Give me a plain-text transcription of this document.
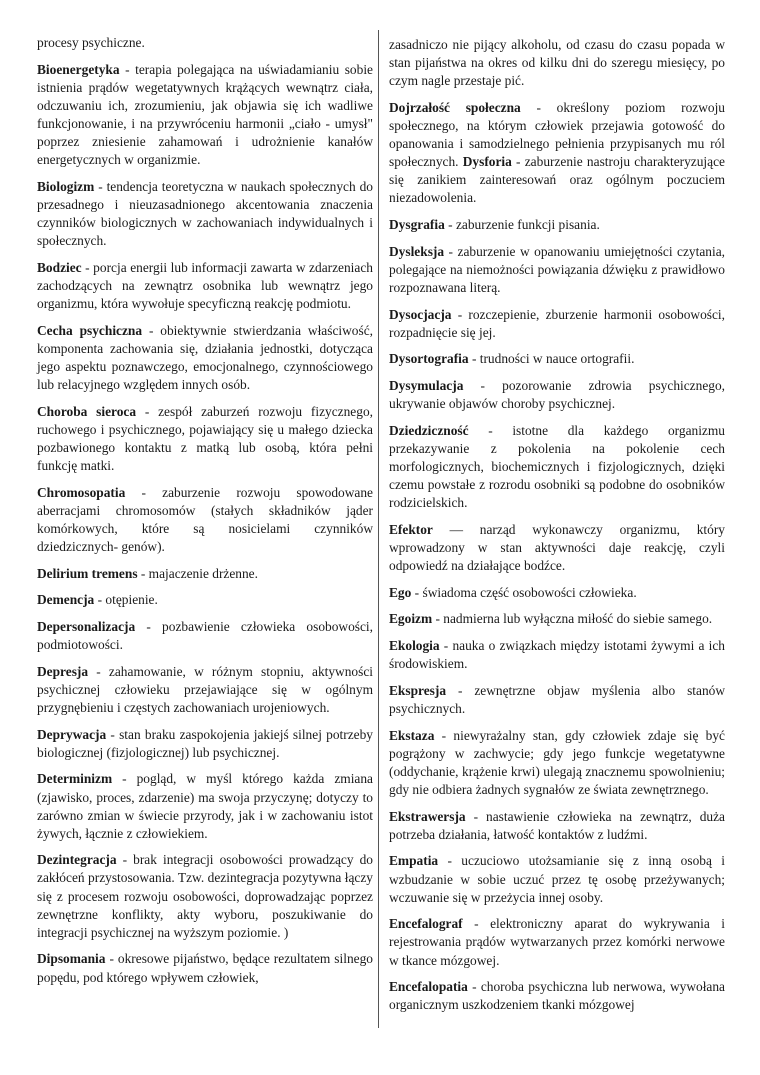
procesy psychiczne.

Bioenergetyka - terapia polegająca na uświadamianiu sobie istnienia prądów wegetatywnych krążących wewnątrz ciała, odczuwaniu ich, zrozumieniu, jak objawia się ich wadliwe funkcjonowanie, i na przywróceniu harmonii „ciało - umysł" poprzez zniesienie zahamowań i udrożnienie kanałów energetycznych w organizmie.

Biologizm - tendencja teoretyczna w naukach społecznych do przesadnego i nieuzasadnionego akcentowania znaczenia czynników biologicznych w zachowaniach indywidualnych i społecznych.

Bodziec - porcja energii lub informacji zawarta w zdarzeniach zachodzących na zewnątrz osobnika lub wewnątrz jego organizmu, która wywołuje specyficzną reakcję podmiotu.

Cecha psychiczna - obiektywnie stwierdzania właściwość, komponenta zachowania się, działania jednostki, dotycząca jego aspektu poznawczego, emocjonalnego, czynnościowego lub relacyjnego względem innych osób.

Choroba sieroca - zespół zaburzeń rozwoju fizycznego, ruchowego i psychicznego, pojawiający się u małego dziecka pozbawionego kontaktu z matką lub osobą, która pełni funkcję matki.

Chromosopatia - zaburzenie rozwoju spowodowane aberracjami chromosomów (stałych składników jąder komórkowych, które są nosicielami czynników dziedzicznych- genów).

Delirium tremens - majaczenie drżenne.

Demencja - otępienie.

Depersonalizacja - pozbawienie człowieka osobowości, podmiotowości.

Depresja - zahamowanie, w różnym stopniu, aktywności psychicznej człowieku przejawiające się w ogólnym przygnębieniu i częstych zachowaniach urojeniowych.

Deprywacja - stan braku zaspokojenia jakiejś silnej potrzeby biologicznej (fizjologicznej) lub psychicznej.

Determinizm - pogląd, w myśl którego każda zmiana (zjawisko, proces, zdarzenie) ma swoja przyczynę; dotyczy to zarówno zmian w świecie przyrody, jak i w zachowaniu istot żywych, łącznie z człowiekiem.

Dezintegracja - brak integracji osobowości prowadzący do zakłóceń przystosowania. Tzw. dezintegracja pozytywna łączy się z procesem rozwoju osobowości, doprowadzając poprzez zewnętrzne konflikty, akty wyboru, poszukiwanie do integracji psychicznej na wyższym poziomie. )

Dipsomania - okresowe pijaństwo, będące rezultatem silnego popędu, pod którego wpływem człowiek,

zasadniczo nie pijący alkoholu, od czasu do czasu popada w stan pijaństwa na okres od kilku dni do szeregu miesięcy, po czym nagle przestaje pić.

Dojrzałość społeczna - określony poziom rozwoju społecznego, na którym człowiek przejawia gotowość do opanowania i samodzielnego pełnienia przypisanych mu ról społecznych. Dysforia - zaburzenie nastroju charakteryzujące się zanikiem zainteresowań oraz ogólnym poczuciem niezadowolenia.

Dysgrafia - zaburzenie funkcji pisania.

Dysleksja - zaburzenie w opanowaniu umiejętności czytania, polegające na niemożności powiązania dźwięku z prawidłowo rozpoznawana literą.

Dysocjacja - rozczepienie, zburzenie harmonii osobowości, rozpadnięcie się jej.

Dysortografia - trudności w nauce ortografii.

Dysymulacja - pozorowanie zdrowia psychicznego, ukrywanie objawów choroby psychicznej.

Dziedziczność - istotne dla każdego organizmu przekazywanie z pokolenia na pokolenie cech morfologicznych, biochemicznych i fizjologicznych, dzięki czemu powstałe z rozrodu osobniki są podobne do osobników rodzicielskich.

Efektor — narząd wykonawczy organizmu, który wprowadzony w stan aktywności daje reakcję, czyli odpowiedź na działające bodźce.

Ego - świadoma część osobowości człowieka.

Egoizm - nadmierna lub wyłączna miłość do siebie samego.

Ekologia - nauka o związkach między istotami żywymi a ich środowiskiem.

Ekspresja - zewnętrzne objaw myślenia albo stanów psychicznych.

Ekstaza - niewyrażalny stan, gdy człowiek zdaje się być pogrążony w zachwycie; gdy jego funkcje wegetatywne (oddychanie, krążenie krwi) ulegają znacznemu spowolnieniu; gdy nie odbiera żadnych sygnałów ze świata zewnętrznego.

Ekstrawersja - nastawienie człowieka na zewnątrz, duża potrzeba działania, łatwość kontaktów z ludźmi.

Empatia - uczuciowo utożsamianie się z inną osobą i wzbudzanie w sobie uczuć przez tę osobę przeżywanych; wczuwanie się w przeżycia innej osoby.

Encefalograf - elektroniczny aparat do wykrywania i rejestrowania prądów wytwarzanych przez komórki nerwowe w tkance mózgowej.

Encefalopatia - choroba psychiczna lub nerwowa, wywołana organicznym uszkodzeniem tkanki mózgowej
